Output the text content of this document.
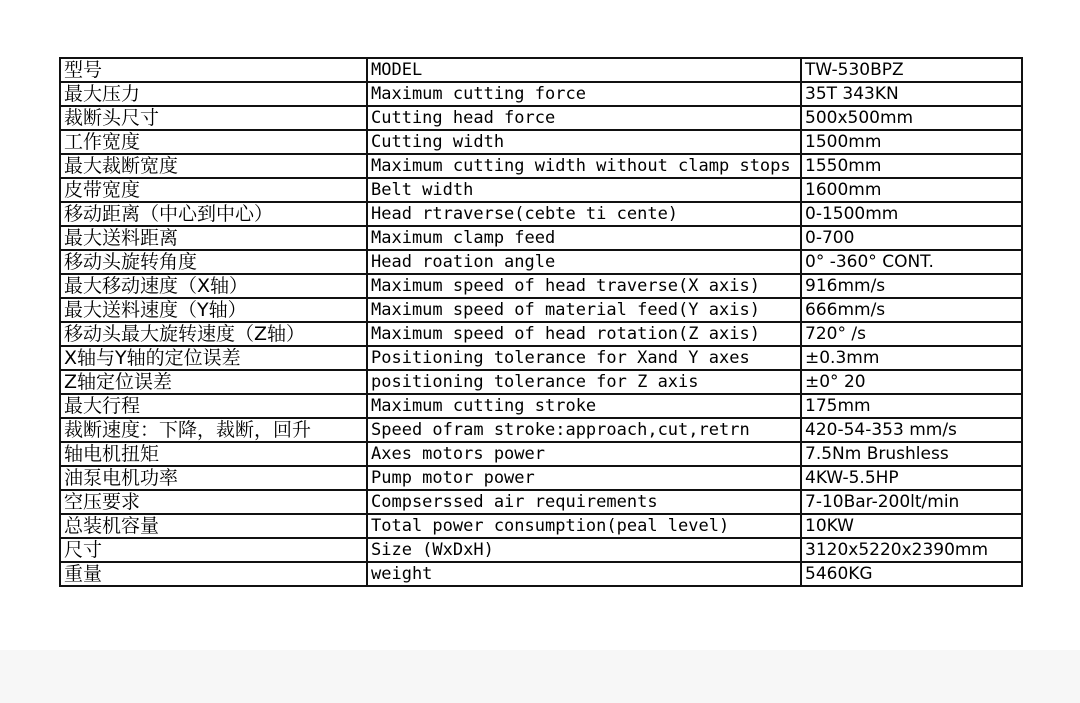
型号	MODEL	TW-530BPZ
最大压力	Maximum cutting force	35T 343KN
裁断头尺寸	Cutting head force	500x500mm
工作宽度	Cutting width	1500mm
最大裁断宽度	Maximum cutting width without clamp stops	1550mm
皮带宽度	Belt width	1600mm
移动距离（中心到中心）	Head rtraverse(cebte ti cente)	0-1500mm
最大送料距离	Maximum clamp feed	0-700
移动头旋转角度	Head roation angle	0° -360° CONT.
最大移动速度（X轴）	Maximum speed of head traverse(X axis)	916mm/s
最大送料速度（Y轴）	Maximum speed of material feed(Y axis)	666mm/s
移动头最大旋转速度（Z轴）	Maximum speed of head rotation(Z axis)	720° /s
X轴与Y轴的定位误差	Positioning tolerance for Xand Y axes	±0.3mm
Z轴定位误差	positioning tolerance for Z axis	±0° 20
最大行程	Maximum cutting stroke	175mm
裁断速度：下降，裁断，回升	Speed ofram stroke:approach,cut,retrn	420-54-353 mm/s
轴电机扭矩	Axes motors power	7.5Nm Brushless
油泵电机功率	Pump motor power	4KW-5.5HP
空压要求	Compserssed air requirements	7-10Bar-200lt/min
总装机容量	Total power consumption(peal level)	10KW
尺寸	Size (WxDxH)	3120x5220x2390mm
重量	weight	5460KG
